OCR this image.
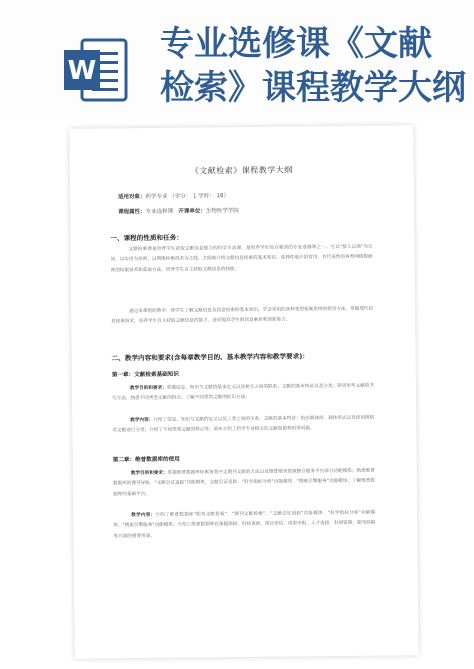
W
专业选修课《文献
检索》课程教学大纲
《文献检索》课程教学大纲
适用对象：药学专业 （学分： 1 学时： 18）
课程属性：专业选修课 开课单位：生物医学学院
一、课程的性质和任务：
文献检索课是培养学生获取文献信息能力的科学方法课，是培养学生综合素质的专业选修课之一。它以"授人以渔"为宗旨，以实用为原则，以网络检索技术为主线，主线地介绍文献信息检索的基本知识、选择性地介绍常用、有代表性的各类网络数据库的检索技术和获取方法，培养学生自主获取文献信息的技能。
通过本课程的教学，使学生了解文献信息及信息检索的基本知识，学会常用的各种类型检索系统的使用方法，掌握现代信息检索技术，培养学生自主获取文献信息的能力，进而提高学生的信息素质和创新能力。
二、教学内容和要求(含每章教学目的、基本教学内容和教学要求)：
第一章：文献检索基础知识
教学目的和要求：掌握信息、知识与文献的基本定义以及相互之间的联系；文献的基本特征以及分类；期刊参考文献的书写方法，熟悉不同类型文献的特点；了解不同类型文献的标识方法。
教学内容：介绍了信息、知识与文献的定义以及三者之间的关系，文献的基本特征：指出载体形、载体形式以及使用级别对文献进行分类；介绍了不同类型文献的特点等；简单介绍了药学专业相关的文献资源利用等问题。
第二章：维普数据库的使用
教学目的和要求：掌握维普数据库检索各类中文期刊文献的方法以及维普期刊资源整合服务平台部分功能模块；熟悉维普数据库的期刊导航、"文献引证追踪"功能模块，文献引证追踪、"科学指标分析"功能模块、"搜索引擎服务"功能模块；了解维普数据库的基础平台。
教学内容：介绍了维普数据库"期刊文献检索"、"期刊文献检索"、"文献引证追踪"功能模块、"科学指标分析"功能模块、"搜索引擎服务"功能模块；介绍了维普数据库在课题调研、科技查新、项目评估、成果申报、人才选拔、科研管理、期刊投稿等方面的重要用途。
